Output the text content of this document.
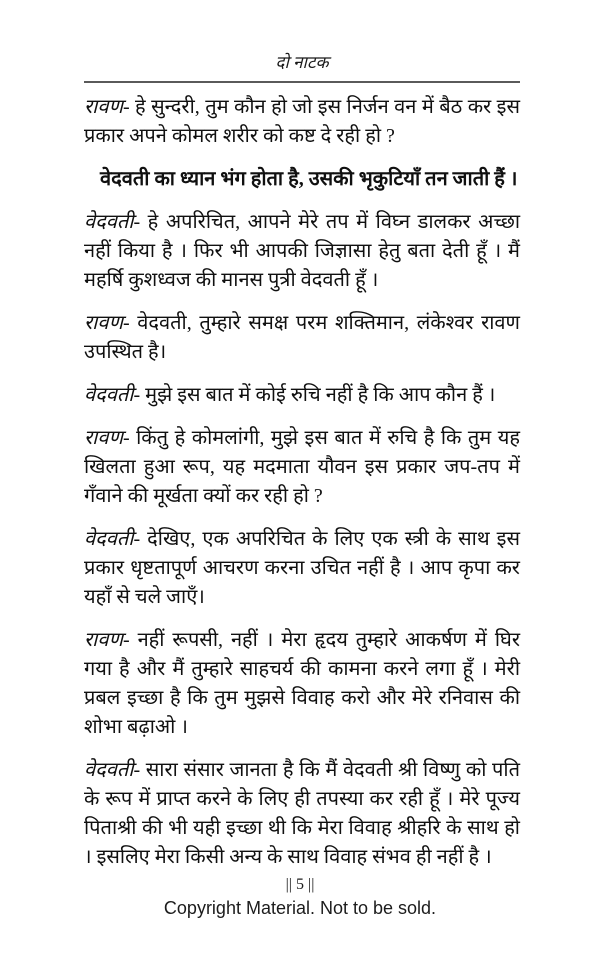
दो नाटक

रावण- हे सुन्दरी, तुम कौन हो जो इस निर्जन वन में बैठ कर इस प्रकार अपने कोमल शरीर को कष्ट दे रही हो ?

वेदवती का ध्यान भंग होता है, उसकी भृकुटियाँ तन जाती हैं ।

वेदवती- हे अपरिचित, आपने मेरे तप में विघ्न डालकर अच्छा नहीं किया है । फिर भी आपकी जिज्ञासा हेतु बता देती हूँ । मैं महर्षि कुशध्वज की मानस पुत्री वेदवती हूँ ।

रावण- वेदवती, तुम्हारे समक्ष परम शक्तिमान, लंकेश्वर रावण उपस्थित है।

वेदवती- मुझे इस बात में कोई रुचि नहीं है कि आप कौन हैं ।

रावण- किंतु हे कोमलांगी, मुझे इस बात में रुचि है कि तुम यह खिलता हुआ रूप, यह मदमाता यौवन इस प्रकार जप-तप में गँवाने की मूर्खता क्यों कर रही हो ?

वेदवती- देखिए, एक अपरिचित के लिए एक स्त्री के साथ इस प्रकार धृष्टतापूर्ण आचरण करना उचित नहीं है । आप कृपा कर यहाँ से चले जाएँ।

रावण- नहीं रूपसी, नहीं । मेरा हृदय तुम्हारे आकर्षण में घिर गया है और मैं तुम्हारे साहचर्य की कामना करने लगा हूँ । मेरी प्रबल इच्छा है कि तुम मुझसे विवाह करो और मेरे रनिवास की शोभा बढ़ाओ ।

वेदवती- सारा संसार जानता है कि मैं वेदवती श्री विष्णु को पति के रूप में प्राप्त करने के लिए ही तपस्या कर रही हूँ । मेरे पूज्य पिताश्री की भी यही इच्छा थी कि मेरा विवाह श्रीहरि के साथ हो । इसलिए मेरा किसी अन्य के साथ विवाह संभव ही नहीं है ।

|| 5 ||
Copyright Material. Not to be sold.
